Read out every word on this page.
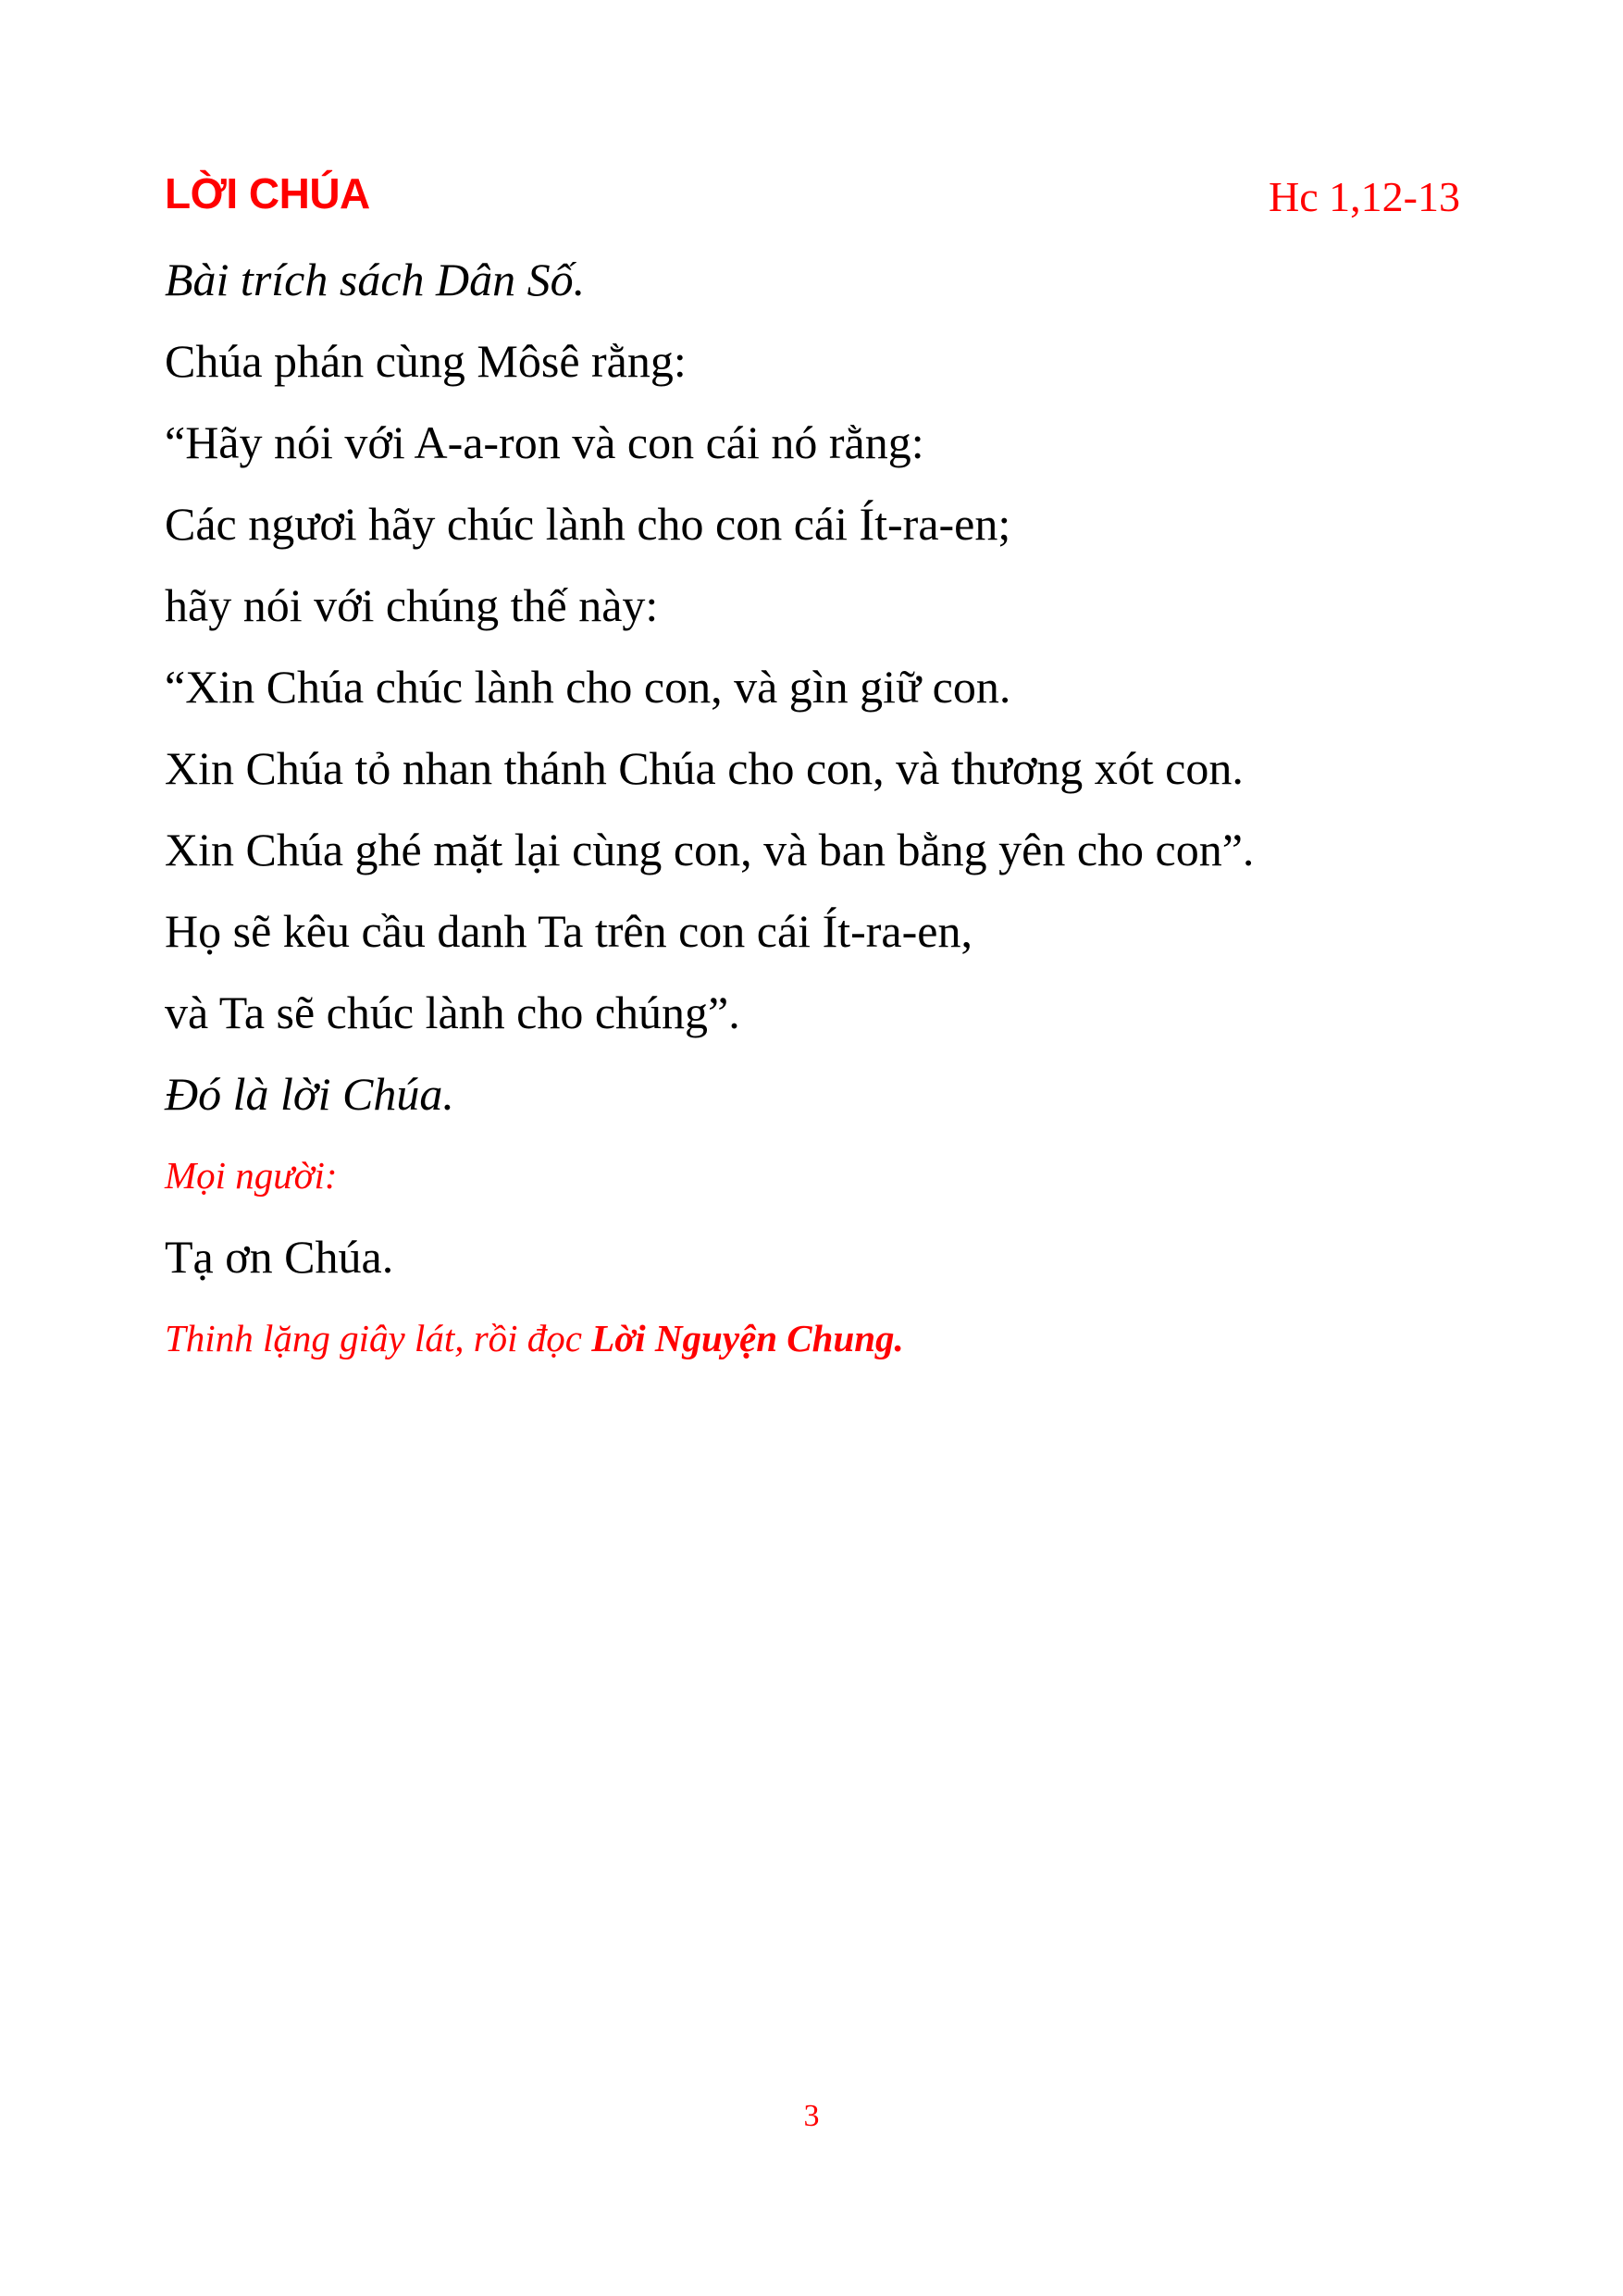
LỜI CHÚA	Hc 1,12-13
Bài trích sách Dân Số.
Chúa phán cùng Môsê rằng:
“Hãy nói với A-a-ron và con cái nó rằng:
Các ngươi hãy chúc lành cho con cái Ít-ra-en;
hãy nói với chúng thế này:
“Xin Chúa chúc lành cho con, và gìn giữ con.
Xin Chúa tỏ nhan thánh Chúa cho con, và thương xót con.
Xin Chúa ghé mặt lại cùng con, và ban bằng yên cho con”.
Họ sẽ kêu cầu danh Ta trên con cái Ít-ra-en,
và Ta sẽ chúc lành cho chúng”.
Đó là lời Chúa.
Mọi người:
Tạ ơn Chúa.
Thinh lặng giây lát, rồi đọc Lời Nguyện Chung.
3
